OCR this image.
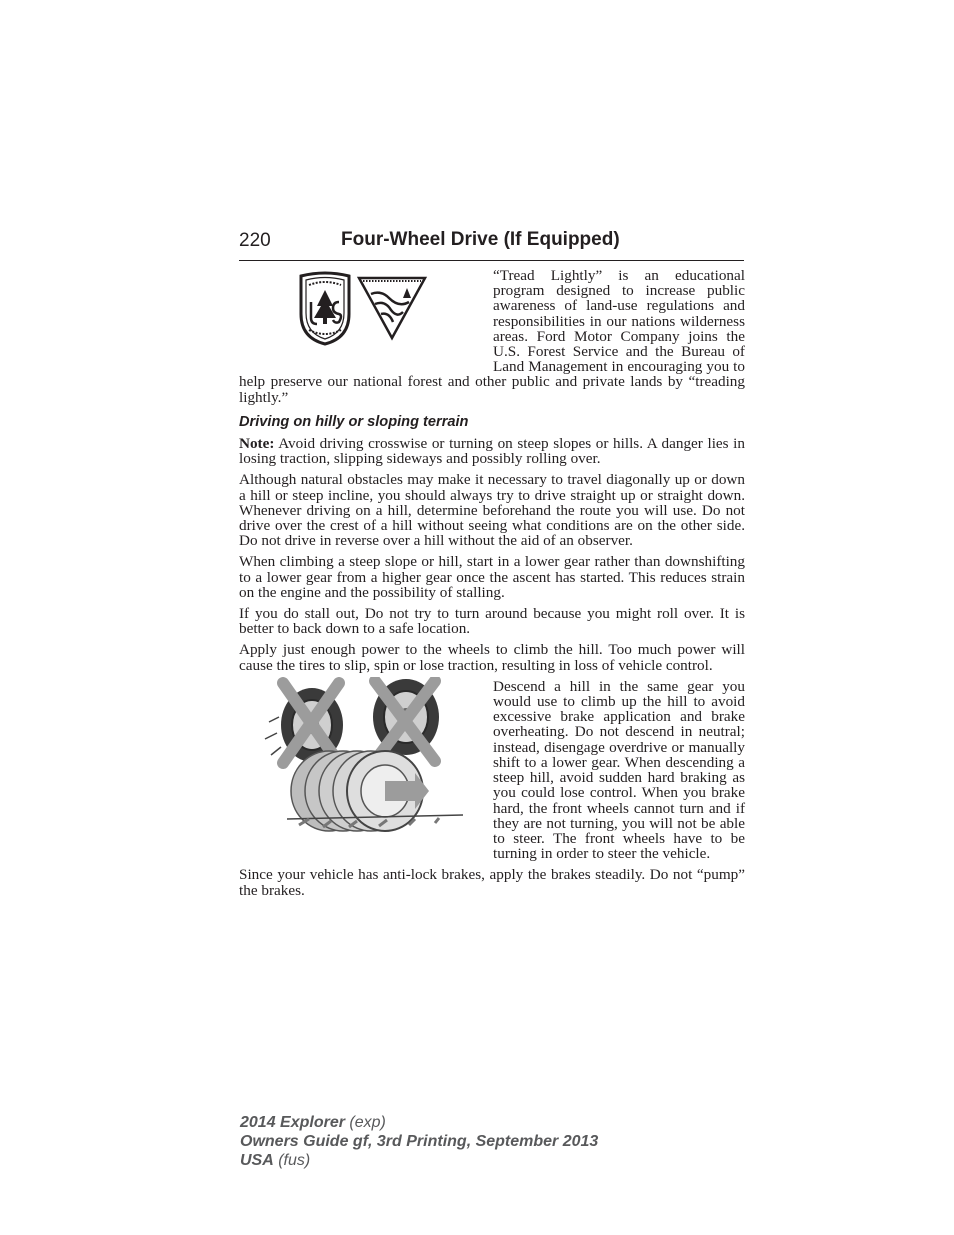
220	Four-Wheel Drive (If Equipped)

“Tread Lightly” is an educational program designed to increase public awareness of land-use regulations and responsibilities in our nations wilderness areas. Ford Motor Company joins the U.S. Forest Service and the Bureau of Land Management in encouraging you to help preserve our national forest and other public and private lands by “treading lightly.”

Driving on hilly or sloping terrain

Note: Avoid driving crosswise or turning on steep slopes or hills. A danger lies in losing traction, slipping sideways and possibly rolling over.

Although natural obstacles may make it necessary to travel diagonally up or down a hill or steep incline, you should always try to drive straight up or straight down. Whenever driving on a hill, determine beforehand the route you will use. Do not drive over the crest of a hill without seeing what conditions are on the other side. Do not drive in reverse over a hill without the aid of an observer.

When climbing a steep slope or hill, start in a lower gear rather than downshifting to a lower gear from a higher gear once the ascent has started. This reduces strain on the engine and the possibility of stalling.

If you do stall out, Do not try to turn around because you might roll over. It is better to back down to a safe location.

Apply just enough power to the wheels to climb the hill. Too much power will cause the tires to slip, spin or lose traction, resulting in loss of vehicle control.

Descend a hill in the same gear you would use to climb up the hill to avoid excessive brake application and brake overheating. Do not descend in neutral; instead, disengage overdrive or manually shift to a lower gear. When descending a steep hill, avoid sudden hard braking as you could lose control. When you brake hard, the front wheels cannot turn and if they are not turning, you will not be able to steer. The front wheels have to be turning in order to steer the vehicle.

Since your vehicle has anti-lock brakes, apply the brakes steadily. Do not “pump” the brakes.

2014 Explorer (exp)
Owners Guide gf, 3rd Printing, September 2013
USA (fus)
